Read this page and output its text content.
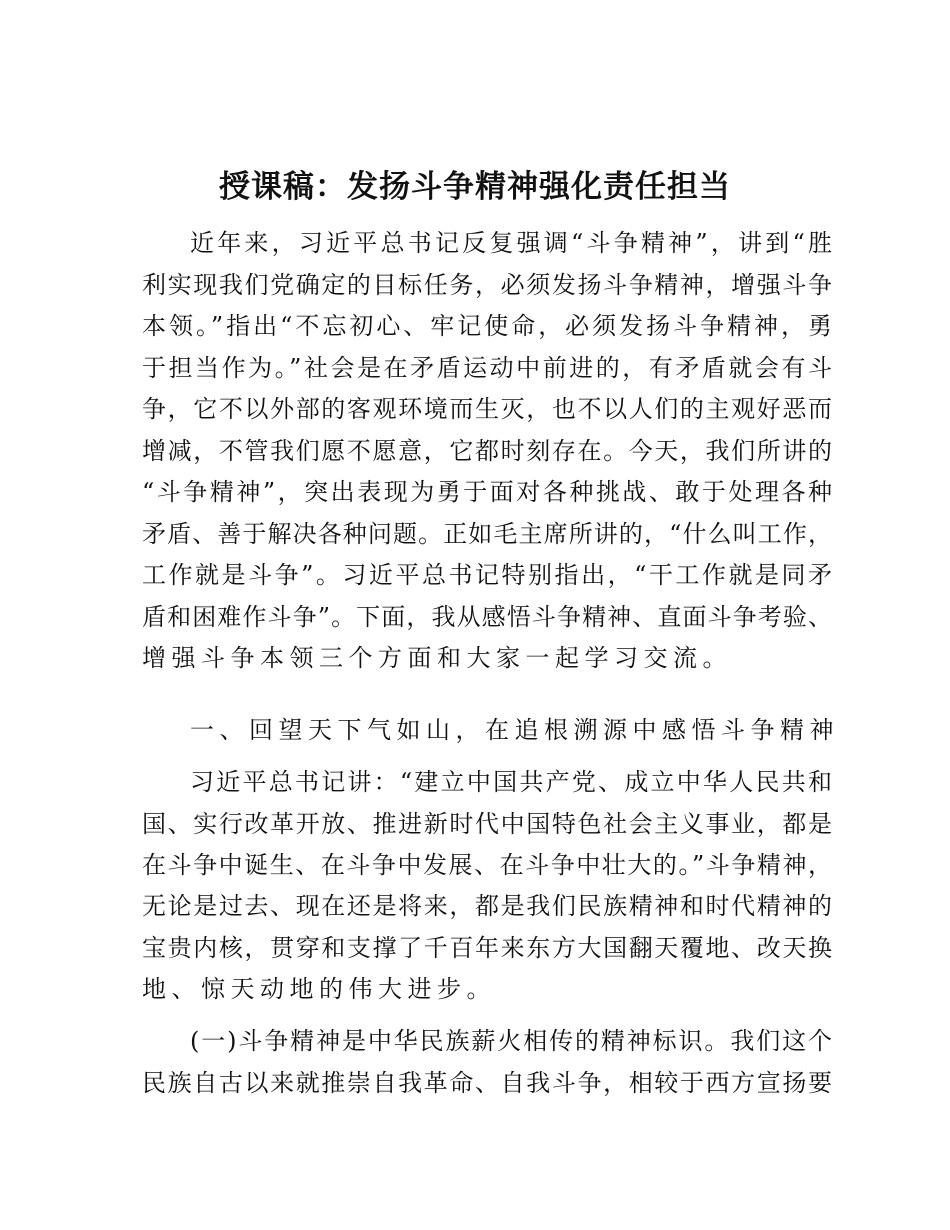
授课稿：发扬斗争精神强化责任担当
近年来，习近平总书记反复强调“斗争精神”，讲到“胜
利实现我们党确定的目标任务，必须发扬斗争精神，增强斗争
本领。”指出“不忘初心、牢记使命，必须发扬斗争精神，勇
于担当作为。”社会是在矛盾运动中前进的，有矛盾就会有斗
争，它不以外部的客观环境而生灭，也不以人们的主观好恶而
增减，不管我们愿不愿意，它都时刻存在。今天，我们所讲的
“斗争精神”，突出表现为勇于面对各种挑战、敢于处理各种
矛盾、善于解决各种问题。正如毛主席所讲的，“什么叫工作，
工作就是斗争”。习近平总书记特别指出，“干工作就是同矛
盾和困难作斗争”。下面，我从感悟斗争精神、直面斗争考验、
增强斗争本领三个方面和大家一起学习交流。
一、回望天下气如山，在追根溯源中感悟斗争精神
习近平总书记讲：“建立中国共产党、成立中华人民共和
国、实行改革开放、推进新时代中国特色社会主义事业，都是
在斗争中诞生、在斗争中发展、在斗争中壮大的。”斗争精神，
无论是过去、现在还是将来，都是我们民族精神和时代精神的
宝贵内核，贯穿和支撑了千百年来东方大国翻天覆地、改天换
地、惊天动地的伟大进步。
(一)斗争精神是中华民族薪火相传的精神标识。我们这个
民族自古以来就推崇自我革命、自我斗争，相较于西方宣扬要
